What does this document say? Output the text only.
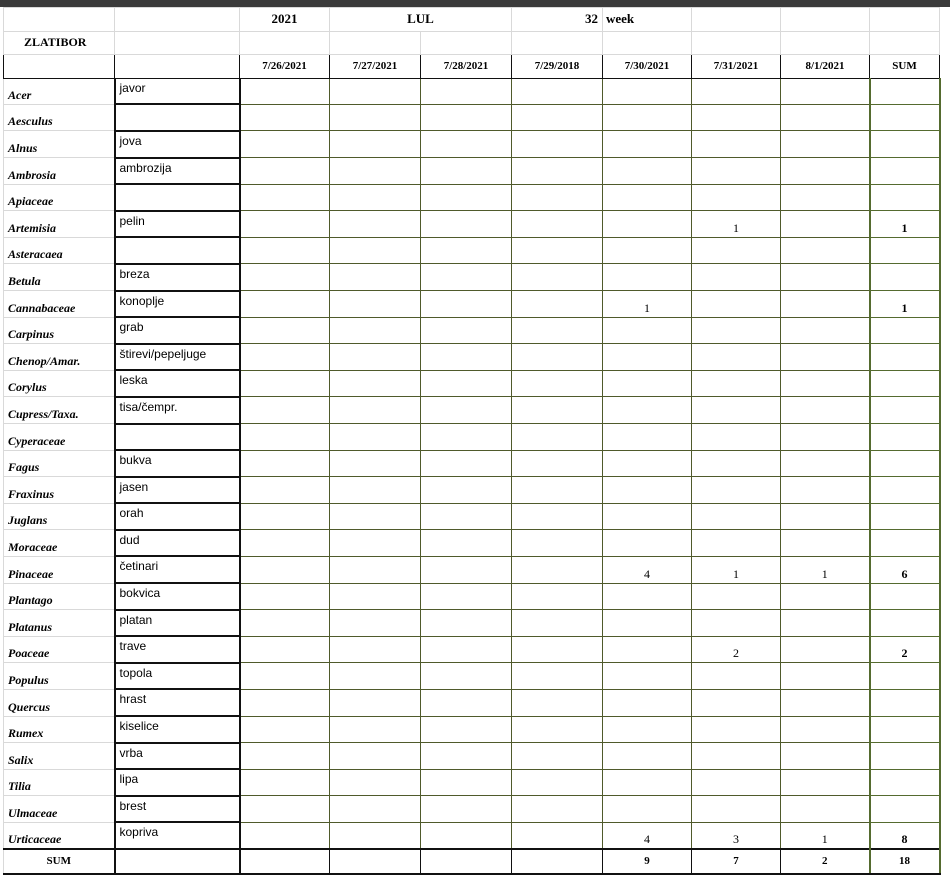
		2021	LUL		32	week			
ZLATIBOR									
		7/26/2021	7/27/2021	7/28/2021	7/29/2018	7/30/2021	7/31/2021	8/1/2021	SUM
Acer	javor								
Aesculus									
Alnus	jova								
Ambrosia	ambrozija								
Apiaceae									
Artemisia	pelin						1		1
Asteracaea									
Betula	breza								
Cannabaceae	konoplje					1			1
Carpinus	grab								
Chenop/Amar.	štirevi/pepeljuge								
Corylus	leska								
Cupress/Taxa.	tisa/čempr.								
Cyperaceae									
Fagus	bukva								
Fraxinus	jasen								
Juglans	orah								
Moraceae	dud								
Pinaceae	četinari					4	1	1	6
Plantago	bokvica								
Platanus	platan								
Poaceae	trave						2		2
Populus	topola								
Quercus	hrast								
Rumex	kiselice								
Salix	vrba								
Tilia	lipa								
Ulmaceae	brest								
Urticaceae	kopriva					4	3	1	8
SUM						9	7	2	18
